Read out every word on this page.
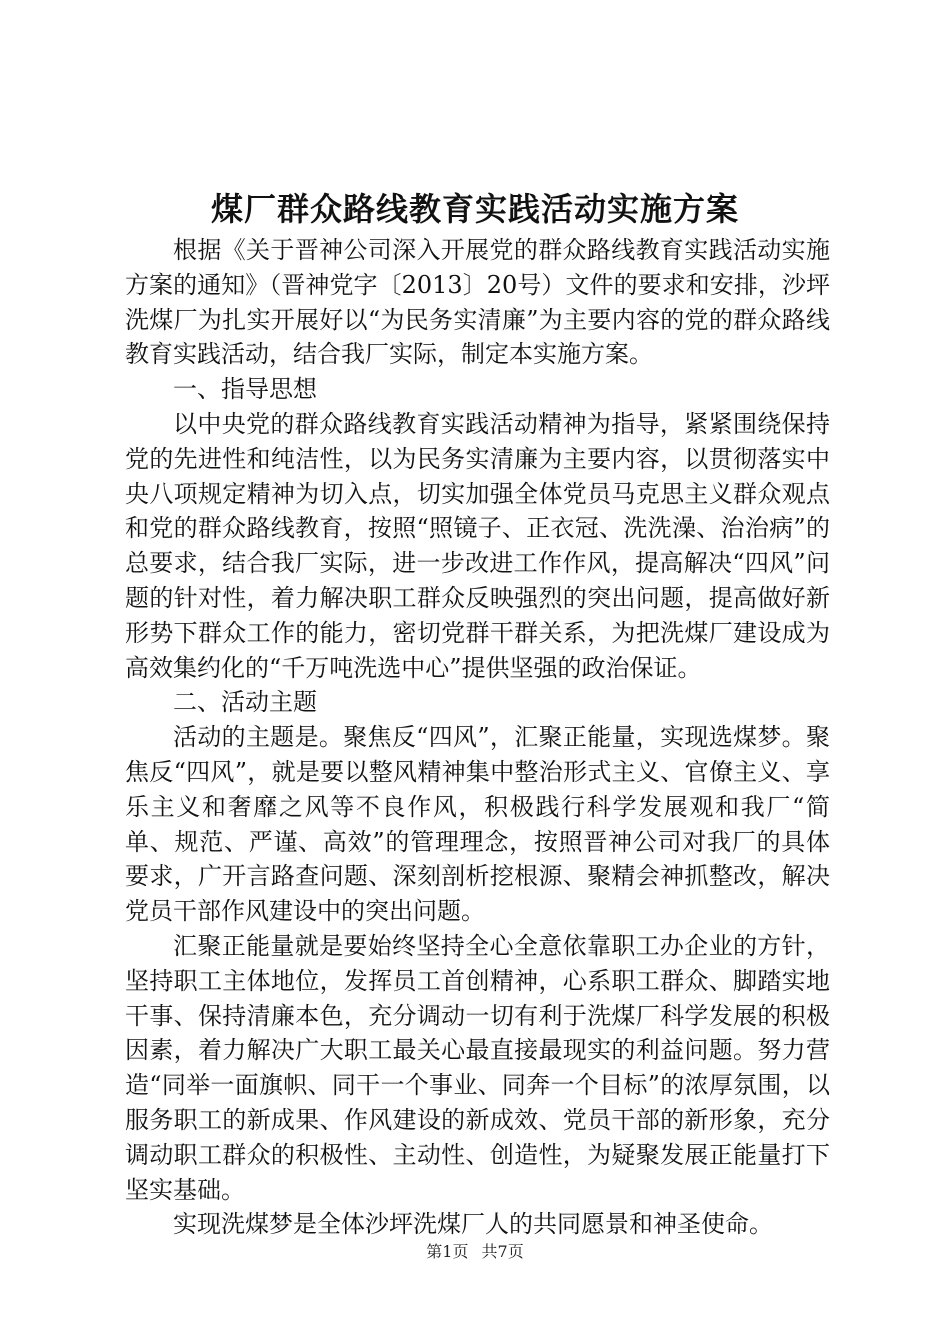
煤厂群众路线教育实践活动实施方案

根据《关于晋神公司深入开展党的群众路线教育实践活动实施方案的通知》（晋神党字〔2013〕20号）文件的要求和安排，沙坪洗煤厂为扎实开展好以“为民务实清廉”为主要内容的党的群众路线教育实践活动，结合我厂实际，制定本实施方案。

一、指导思想

以中央党的群众路线教育实践活动精神为指导，紧紧围绕保持党的先进性和纯洁性，以为民务实清廉为主要内容，以贯彻落实中央八项规定精神为切入点，切实加强全体党员马克思主义群众观点和党的群众路线教育，按照“照镜子、正衣冠、洗洗澡、治治病”的总要求，结合我厂实际，进一步改进工作作风，提高解决“四风”问题的针对性，着力解决职工群众反映强烈的突出问题，提高做好新形势下群众工作的能力，密切党群干群关系，为把洗煤厂建设成为高效集约化的“千万吨洗选中心”提供坚强的政治保证。

二、活动主题

活动的主题是。聚焦反“四风”，汇聚正能量，实现选煤梦。聚焦反“四风”，就是要以整风精神集中整治形式主义、官僚主义、享乐主义和奢靡之风等不良作风，积极践行科学发展观和我厂“简单、规范、严谨、高效”的管理理念，按照晋神公司对我厂的具体要求，广开言路查问题、深刻剖析挖根源、聚精会神抓整改，解决党员干部作风建设中的突出问题。

汇聚正能量就是要始终坚持全心全意依靠职工办企业的方针，坚持职工主体地位，发挥员工首创精神，心系职工群众、脚踏实地干事、保持清廉本色，充分调动一切有利于洗煤厂科学发展的积极因素，着力解决广大职工最关心最直接最现实的利益问题。努力营造“同举一面旗帜、同干一个事业、同奔一个目标”的浓厚氛围，以服务职工的新成果、作风建设的新成效、党员干部的新形象，充分调动职工群众的积极性、主动性、创造性，为疑聚发展正能量打下坚实基础。

实现洗煤梦是全体沙坪洗煤厂人的共同愿景和神圣使命。

第1页 共7页
